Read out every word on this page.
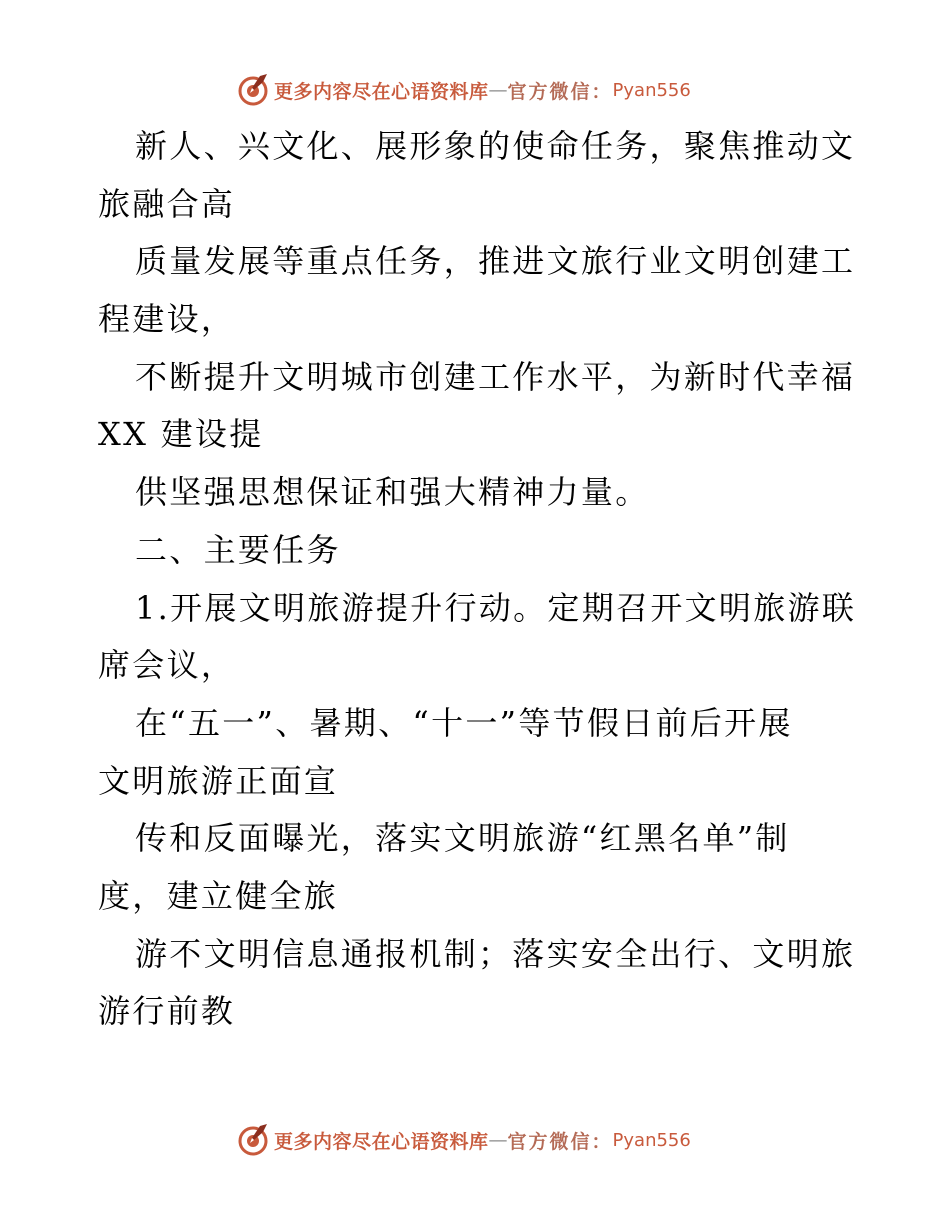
更多内容尽在心语资料库 — 官方微信： Pyan556
新人、兴文化、展形象的使命任务，聚焦推动文
旅融合高
质量发展等重点任务，推进文旅行业文明创建工
程建设，
不断提升文明城市创建工作水平，为新时代幸福
XX 建设提
供坚强思想保证和强大精神力量。
二、主要任务
1.开展文明旅游提升行动。定期召开文明旅游联
席会议，
在“五一”、暑期、“十一”等节假日前后开展
文明旅游正面宣
传和反面曝光，落实文明旅游“红黑名单”制
度，建立健全旅
游不文明信息通报机制；落实安全出行、文明旅
游行前教
更多内容尽在心语资料库 — 官方微信： Pyan556
